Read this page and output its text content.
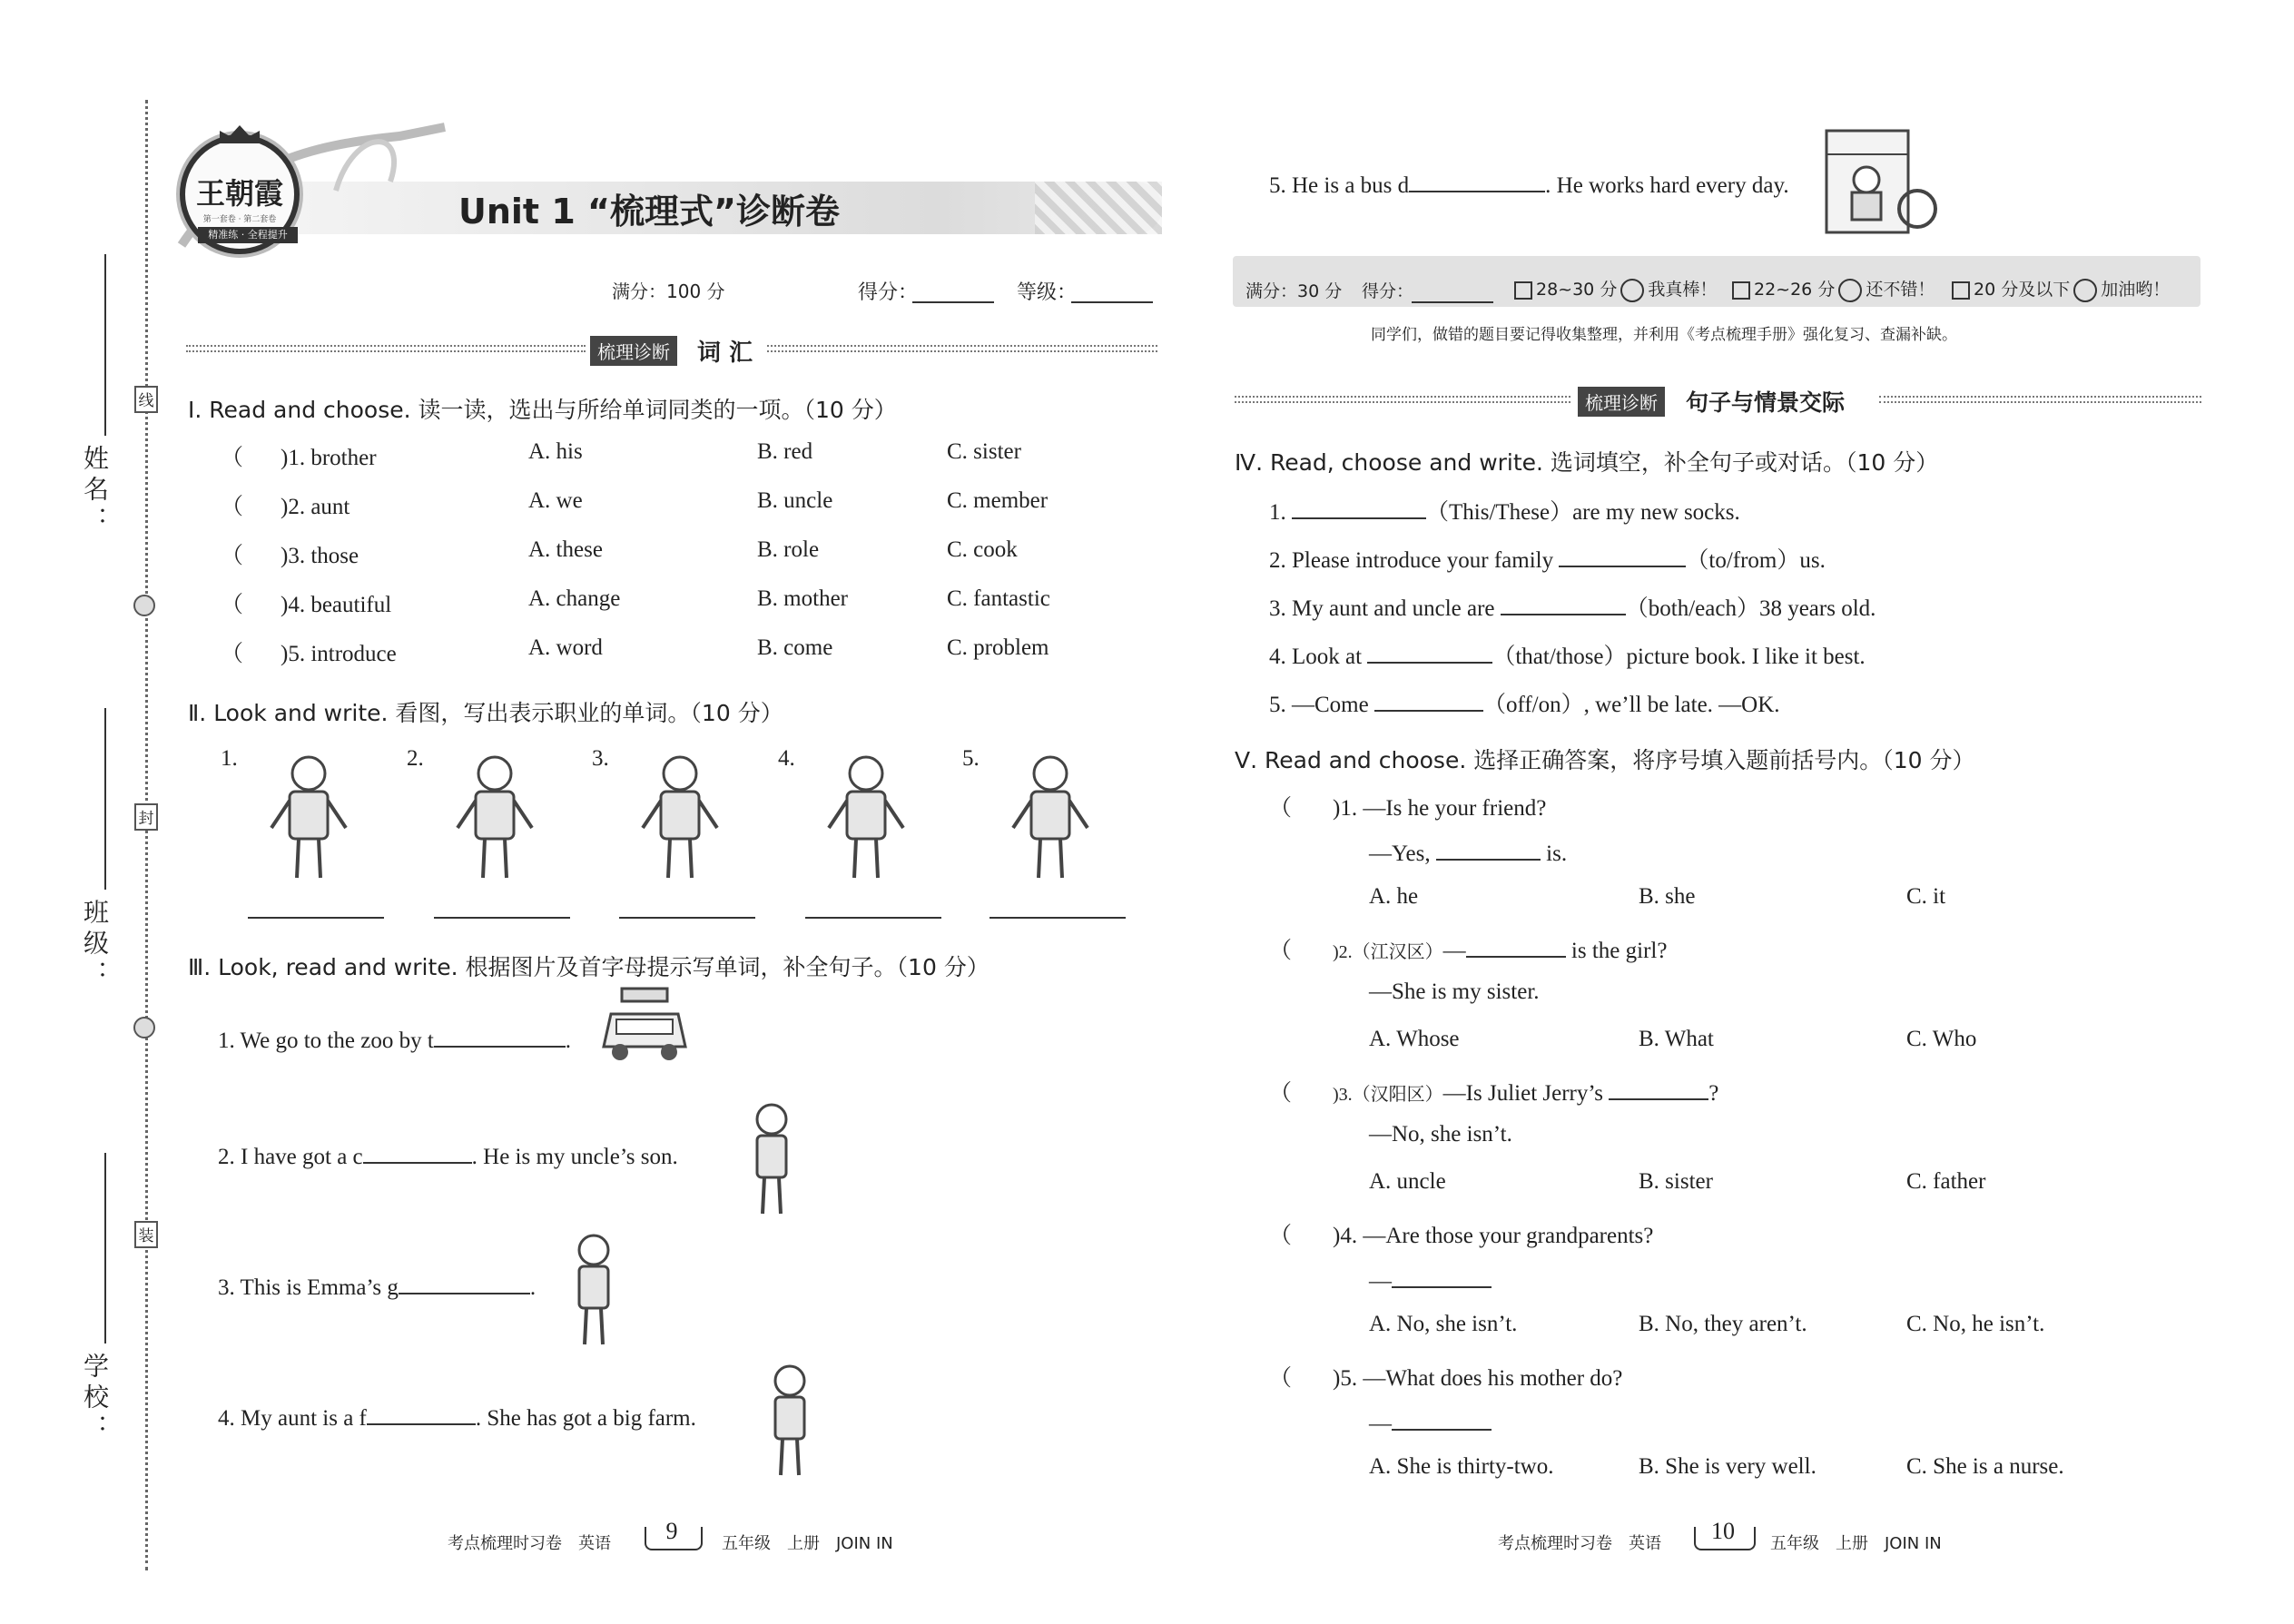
姓名：
班级：
学校：
线
封
装
王朝霞
第一套卷 · 第二套卷
精准练 · 全程提升
Unit 1 “梳理式”诊断卷
满分：100 分	得分：	等级：
梳理诊断	词 汇
Ⅰ. Read and choose. 读一读，选出与所给单词同类的一项。（10 分）
（ )1. brother	A. his	B. red	C. sister
（ )2. aunt	A. we	B. uncle	C. member
（ )3. those	A. these	B. role	C. cook
（ )4. beautiful	A. change	B. mother	C. fantastic
（ )5. introduce	A. word	B. come	C. problem
Ⅱ. Look and write. 看图，写出表示职业的单词。（10 分）
1.	2.	3.	4.	5.
Ⅲ. Look, read and write. 根据图片及首字母提示写单词，补全句子。（10 分）
1. We go to the zoo by t	.
2. I have got a c	. He is my uncle’s son.
3. This is Emma’s g	.
4. My aunt is a f	. She has got a big farm.
考点梳理时习卷　英语	9	五年级　上册　JOIN IN
5. He is a bus d	. He works hard every day.
满分：30 分 得分：	28~30 分 我真棒！	22~26 分 还不错！	20 分及以下 加油哟！
同学们，做错的题目要记得收集整理，并利用《考点梳理手册》强化复习、查漏补缺。
梳理诊断	句子与情景交际
Ⅳ. Read, choose and write. 选词填空，补全句子或对话。（10 分）
1.	（This/These）are my new socks.
2. Please introduce your family	（to/from）us.
3. My aunt and uncle are	（both/each）38 years old.
4. Look at	（that/those）picture book. I like it best.
5. —Come	（off/on）, we’ll be late. —OK.
Ⅴ. Read and choose. 选择正确答案，将序号填入题前括号内。（10 分）
（ )1. —Is he your friend?
—Yes,	is.
A. he	B. she	C. it
（ )2.（江汉区）—	is the girl?
—She is my sister.
A. Whose	B. What	C. Who
（ )3.（汉阳区）—Is Juliet Jerry’s	?
—No, she isn’t.
A. uncle	B. sister	C. father
（ )4. —Are those your grandparents?
—
A. No, she isn’t.	B. No, they aren’t.	C. No, he isn’t.
（ )5. —What does his mother do?
—
A. She is thirty-two.	B. She is very well.	C. She is a nurse.
考点梳理时习卷　英语	10	五年级　上册　JOIN IN
